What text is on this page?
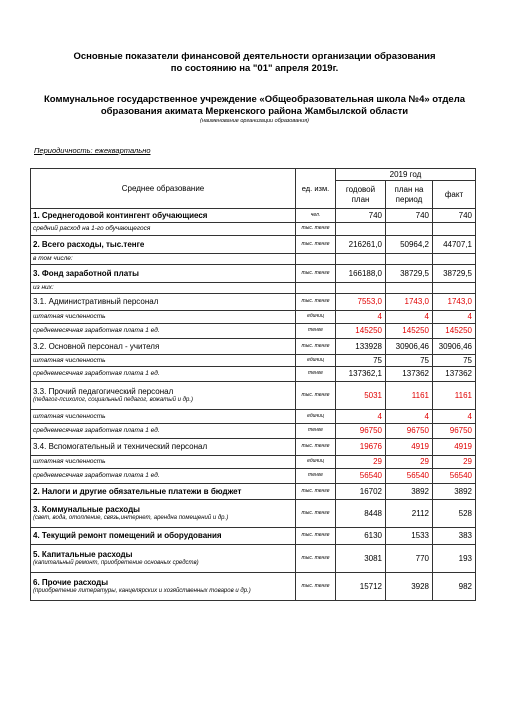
Основные показатели финансовой деятельности организации образования
по состоянию на "01" апреля 2019г.
Коммунальное государственное учреждение «Общеобразовательная школа №4» отдела
образования акимата Меркенского района Жамбылской области
(наименование организации образования)
Периодичность: ежеквартально
Среднее образование	ед. изм.	2019 год		
		годовой план	план на период	факт
1. Среднегодовой контингент обучающиеся	чел.	740	740	740
средний расход на 1-го обучающегося	тыс. тенге			
2. Всего расходы, тыс.тенге	тыс. тенге	216261,0	50964,2	44707,1
в том числе:				
3. Фонд заработной платы	тыс. тенге	166188,0	38729,5	38729,5
из них:				
3.1. Административный персонал	тыс. тенге	7553,0	1743,0	1743,0
штатная численность	единиц	4	4	4
среднемесячная заработная плата 1 ед.	тенге	145250	145250	145250
3.2. Основной персонал - учителя	тыс. тенге	133928	30906,46	30906,46
штатная численность	единиц	75	75	75
среднемесячная заработная плата 1 ед.	тенге	137362,1	137362	137362
3.3. Прочий педагогический персонал
(педагог-психолог, социальный педагог, вожатый и др.)	тыс. тенге	5031	1161	1161
штатная численность	единиц	4	4	4
среднемесячная заработная плата 1 ед.	тенге	96750	96750	96750
3.4. Вспомогательный и технический персонал	тыс. тенге	19676	4919	4919
штатная численность	единиц	29	29	29
среднемесячная заработная плата 1 ед.	тенге	56540	56540	56540
2. Налоги и другие обязательные платежи в бюджет	тыс. тенге	16702	3892	3892
3. Коммунальные расходы
(свет, вода, отопление, связь,интернет, арендна помещений и др.)	тыс. тенге	8448	2112	528
4. Текущий ремонт помещений и оборудования	тыс. тенге	6130	1533	383
5. Капитальные расходы
(капитальный ремонт, приобретение основных средств)	тыс. тенге	3081	770	193
6. Прочие расходы
(приобретение литературы, канцелярских и хозяйственных товаров и др.)	тыс. тенге	15712	3928	982
